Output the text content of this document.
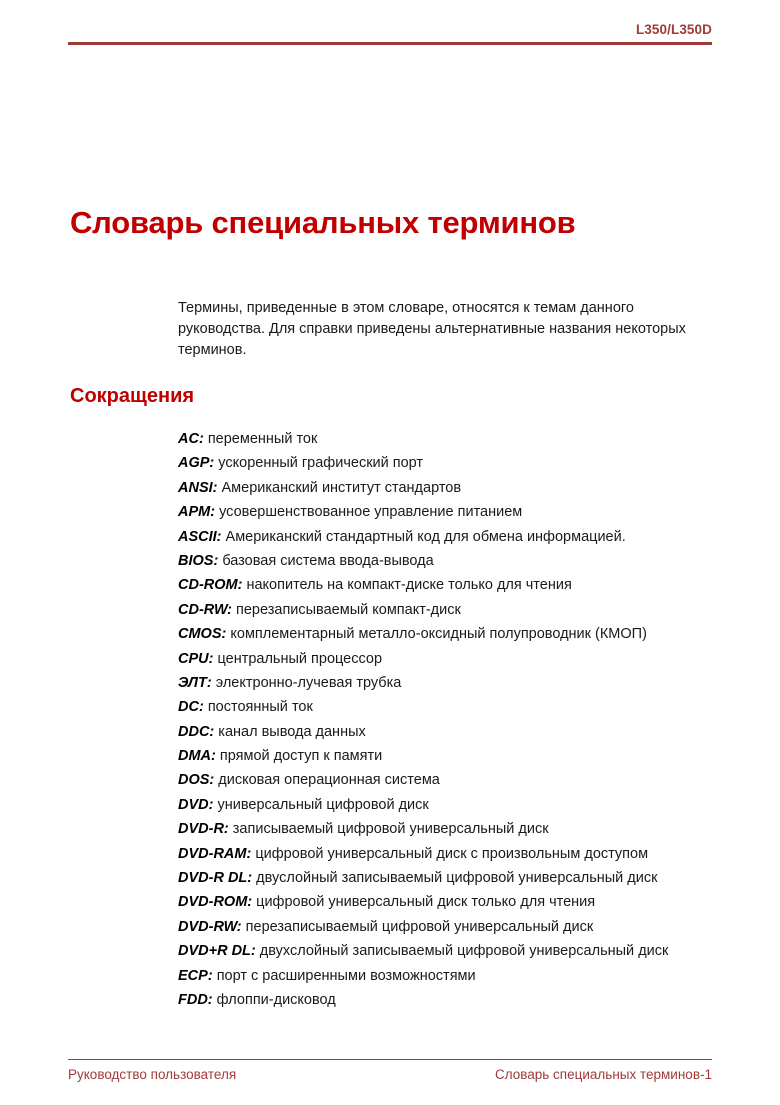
L350/L350D
Словарь специальных терминов

Термины, приведенные в этом словаре, относятся к темам данного руководства. Для справки приведены альтернативные названия некоторых терминов.

Сокращения
AC: переменный ток
AGP: ускоренный графический порт
ANSI: Американский институт стандартов
APM: усовершенствованное управление питанием
ASCII: Американский стандартный код для обмена информацией.
BIOS: базовая система ввода-вывода
CD-ROM: накопитель на компакт-диске только для чтения
CD-RW: перезаписываемый компакт-диск
CMOS: комплементарный металло-оксидный полупроводник (КМОП)
CPU: центральный процессор
ЭЛТ: электронно-лучевая трубка
DC: постоянный ток
DDC: канал вывода данных
DMA: прямой доступ к памяти
DOS: дисковая операционная система
DVD: универсальный цифровой диск
DVD-R: записываемый цифровой универсальный диск
DVD-RAM: цифровой универсальный диск с произвольным доступом
DVD-R DL: двуслойный записываемый цифровой универсальный диск
DVD-ROM: цифровой универсальный диск только для чтения
DVD-RW: перезаписываемый цифровой универсальный диск
DVD+R DL: двухслойный записываемый цифровой универсальный диск
ECP: порт с расширенными возможностями
FDD: флоппи-дисковод
Руководство пользователя	Словарь специальных терминов-1
